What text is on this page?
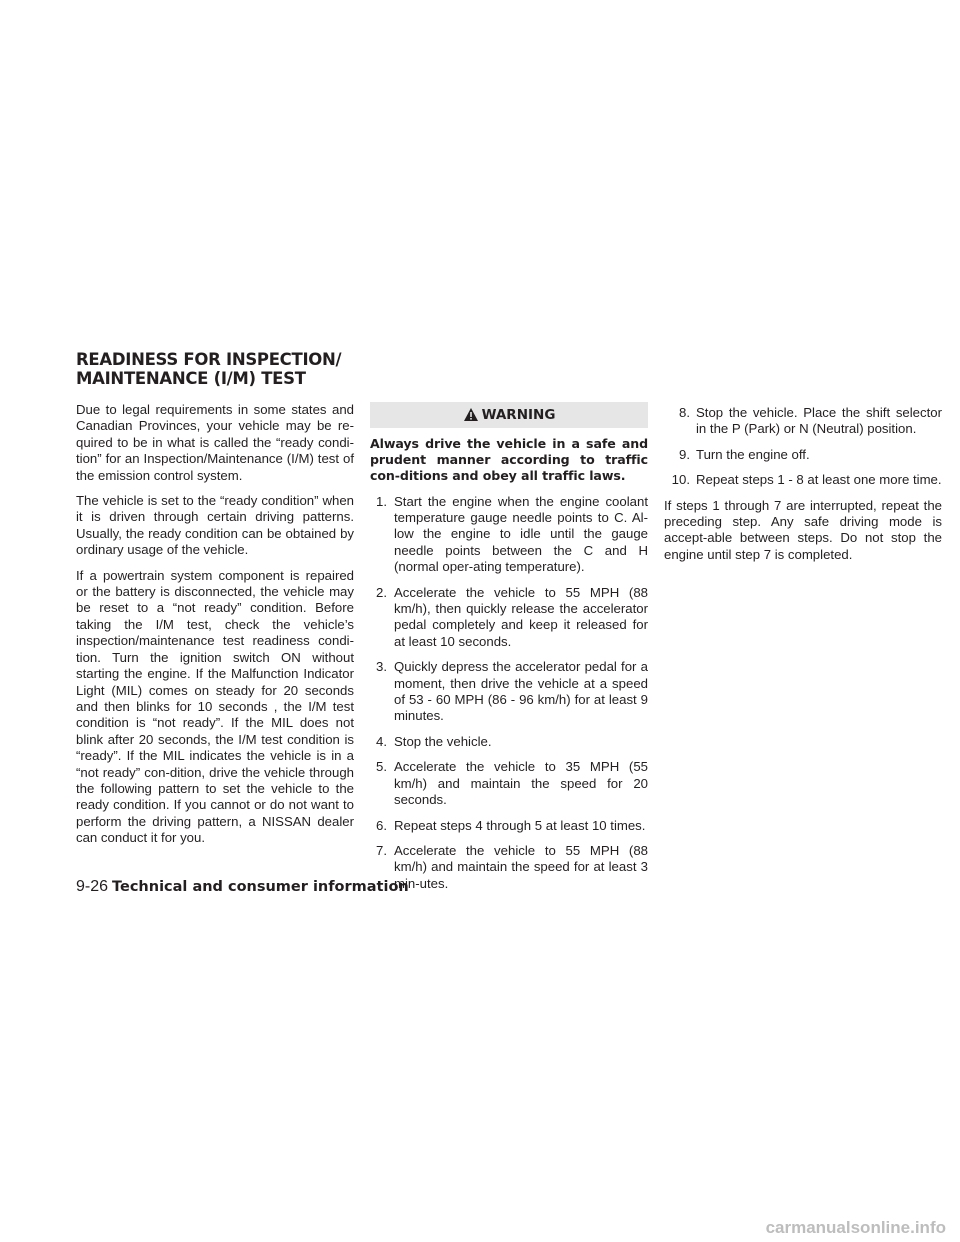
READINESS FOR INSPECTION/
MAINTENANCE (I/M) TEST

Due to legal requirements in some states and Canadian Provinces, your vehicle may be re-quired to be in what is called the “ready condi-tion” for an Inspection/Maintenance (I/M) test of the emission control system.

The vehicle is set to the “ready condition” when it is driven through certain driving patterns. Usually, the ready condition can be obtained by ordinary usage of the vehicle.

If a powertrain system component is repaired or the battery is disconnected, the vehicle may be reset to a “not ready” condition. Before taking the I/M test, check the vehicle’s inspection/maintenance test readiness condi-tion. Turn the ignition switch ON without starting the engine. If the Malfunction Indicator Light (MIL) comes on steady for 20 seconds and then blinks for 10 seconds , the I/M test condition is “not ready”. If the MIL does not blink after 20 seconds, the I/M test condition is “ready”. If the MIL indicates the vehicle is in a “not ready” con-dition, drive the vehicle through the following pattern to set the vehicle to the ready condition. If you cannot or do not want to perform the driving pattern, a NISSAN dealer can conduct it for you.

WARNING

Always drive the vehicle in a safe and prudent manner according to traffic con-ditions and obey all traffic laws.

1. Start the engine when the engine coolant temperature gauge needle points to C. Al-low the engine to idle until the gauge needle points between the C and H (normal oper-ating temperature).
2. Accelerate the vehicle to 55 MPH (88 km/h), then quickly release the accelerator pedal completely and keep it released for at least 10 seconds.
3. Quickly depress the accelerator pedal for a moment, then drive the vehicle at a speed of 53 - 60 MPH (86 - 96 km/h) for at least 9 minutes.
4. Stop the vehicle.
5. Accelerate the vehicle to 35 MPH (55 km/h) and maintain the speed for 20 seconds.
6. Repeat steps 4 through 5 at least 10 times.
7. Accelerate the vehicle to 55 MPH (88 km/h) and maintain the speed for at least 3 min-utes.
8. Stop the vehicle. Place the shift selector in the P (Park) or N (Neutral) position.
9. Turn the engine off.
10. Repeat steps 1 - 8 at least one more time.

If steps 1 through 7 are interrupted, repeat the preceding step. Any safe driving mode is accept-able between steps. Do not stop the engine until step 7 is completed.

9-26 Technical and consumer information
carmanualsonline.info
